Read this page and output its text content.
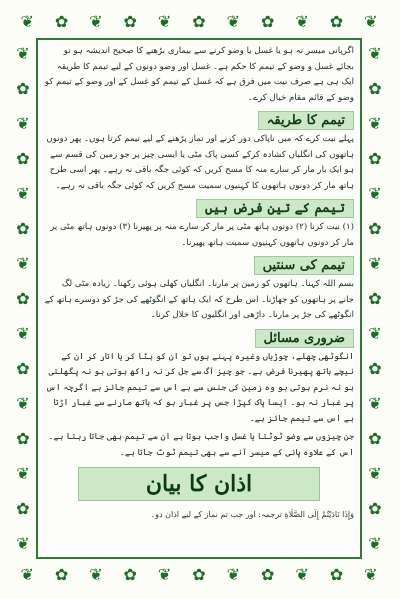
❦ ✿ ❦ ✿ ❦ ✿ ❦ ✿ ❦ ✿ ❦
❦ ✿ ❦ ✿ ❦ ✿ ❦ ✿ ❦ ✿ ❦
❦
✿
❦
✿
❦
✿
❦
✿
❦
✿
❦
✿
❦
✿
❦
❦
✿
❦
✿
❦
✿
❦
✿
❦
✿
❦
✿
❦
✿
❦

اگرپانی میسر نہ ہو یا غسل یا وضو کرنے سے بیماری بڑھنے کا صحیح اندیشہ ہو تو بجائے غسل و وضو کے تیمم کا حکم ہے۔ غسل اور وضو دونوں کے لیے تیمم کا طریقہ ایک ہی ہے صرف نیت میں فرق ہے کہ غسل کے تیمم کو غسل کے اور وضو کے تیمم کو وضو کے قائم مقام خیال کرے۔

تیمم کا طریقہ

پہلے نیت کرے کہ میں ناپاکی دور کرنے اور نماز پڑھنے کے لیے تیمم کرتا ہوں۔ پھر دونوں ہاتھوں کی انگلیاں کشادہ کرکے کسی پاک مٹی یا ایسی چیز پر جو زمین کی قسم سے ہو ایک بار مار کر سارے منہ کا مسح کریں کہ کوئی جگہ باقی نہ رہے۔ پھر اسی طرح ہاتھ مار کر دونوں ہاتھوں کا کہنیوں سمیت مسح کریں کہ کوئی جگہ باقی نہ رہے۔

تیمم کے تین فرض ہیں

(۱) نیت کرنا (۲) دونوں ہاتھ مٹی پر مار کر سارے منہ پر پھیرنا (۳) دونوں ہاتھ مٹی پر مار کر دونوں ہاتھوں کہنیوں سمیت ہاتھ پھیرنا۔

تیمم کی سنتیں

بسم اللہ کہنا۔ ہاتھوں کو زمین پر مارنا۔ انگلیاں کھلی ہوئی رکھنا۔ زیادہ مٹی لگ جانے پر ہاتھوں کو جھاڑنا۔ اس طرح کہ ایک ہاتھ کے انگوٹھے کی جڑ کو دوسرے ہاتھ کے انگوٹھے کی جڑ پر مارنا۔ داڑھی اور انگلیوں کا خلال کرنا۔

ضروری مسائل

انگوٹھی چھلے، چوڑیاں وغیرہ پہنے ہوں تو ان کو ہٹا کر یا اتار کر ان کے نیچے ہاتھ پھیرنا فرض ہے۔ جو چیز آگ سے جل کر نہ راکھ ہوتی ہو نہ پگھلتی ہو نہ نرم ہوتی ہو وہ زمین کی جنس سے ہے اس سے تیمم جائز ہے اگرچہ اس پر غبار نہ ہو۔ ایسا پاک کپڑا جس پر غبار ہو کہ ہاتھ مارنے سے غبار اڑتا ہے اس سے تیمم جائز ہے۔

جن چیزوں سے وضو ٹوٹتا یا غسل واجب ہوتا ہے ان سے تیمم بھی جاتا رہتا ہے۔ اس کے علاوہ پانی کے میسر آنے سے بھی تیمم ٹوٹ جاتا ہے۔

اذان کا بیان

وَإِذَا نَادَيْتُمْ إِلَى الصَّلَاةِ ترجمہ: اور جب تم نماز کے لیے اذان دو۔
